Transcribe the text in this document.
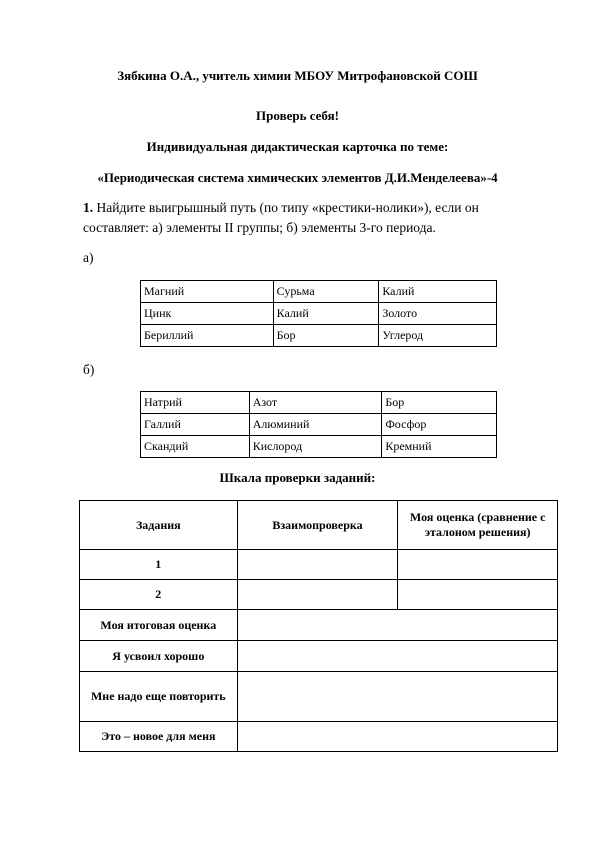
Зябкина О.А., учитель химии МБОУ Митрофановской СОШ
Проверь себя!
Индивидуальная дидактическая карточка по теме:
«Периодическая система химических элементов Д.И.Менделеева»-4
1. Найдите выигрышный путь (по типу «крестики-нолики»), если он составляет: а) элементы II группы; б) элементы 3-го периода.
а)
Магний	Сурьма	Калий
Цинк	Калий	Золото
Бериллий	Бор	Углерод
б)
Натрий	Азот	Бор
Галлий	Алюминий	Фосфор
Скандий	Кислород	Кремний
Шкала проверки заданий:
Задания	Взаимопроверка	Моя оценка (сравнение с эталоном решения)
1		
2		
Моя итоговая оценка		
Я усвоил хорошо		
Мне надо еще повторить		
Это – новое для меня		
